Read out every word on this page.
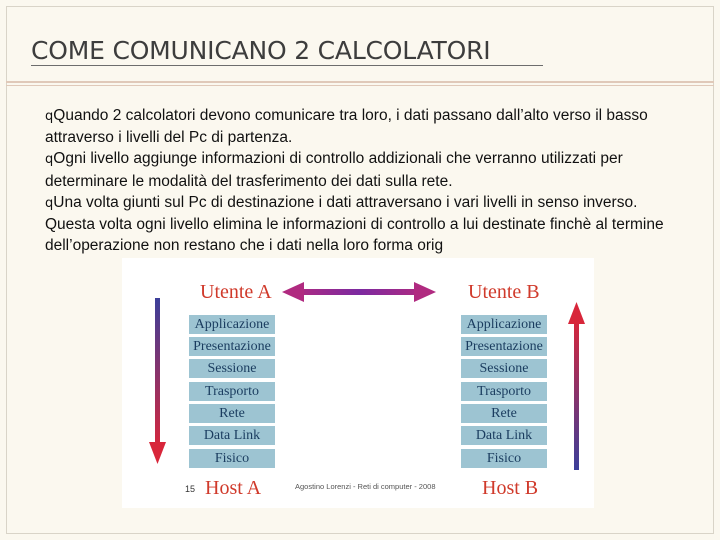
COME COMUNICANO 2 CALCOLATORI

qQuando 2 calcolatori devono comunicare tra loro, i dati passano dall’alto verso il basso attraverso i livelli del Pc di partenza.

qOgni livello aggiunge informazioni di controllo addizionali che verranno utilizzati per determinare le modalità del trasferimento dei dati sulla rete.

qUna volta giunti sul Pc di destinazione i dati attraversano i vari livelli in senso inverso. Questa volta ogni livello elimina le informazioni di controllo a lui destinate finchè al termine dell’operazione non restano che i dati nella loro forma orig

Utente A	Utente B
Applicazione
Presentazione
Sessione
Trasporto
Rete
Data Link
Fisico
Applicazione
Presentazione
Sessione
Trasporto
Rete
Data Link
Fisico
15 Host A	Agostino Lorenzi - Reti di computer - 2008 Host B
